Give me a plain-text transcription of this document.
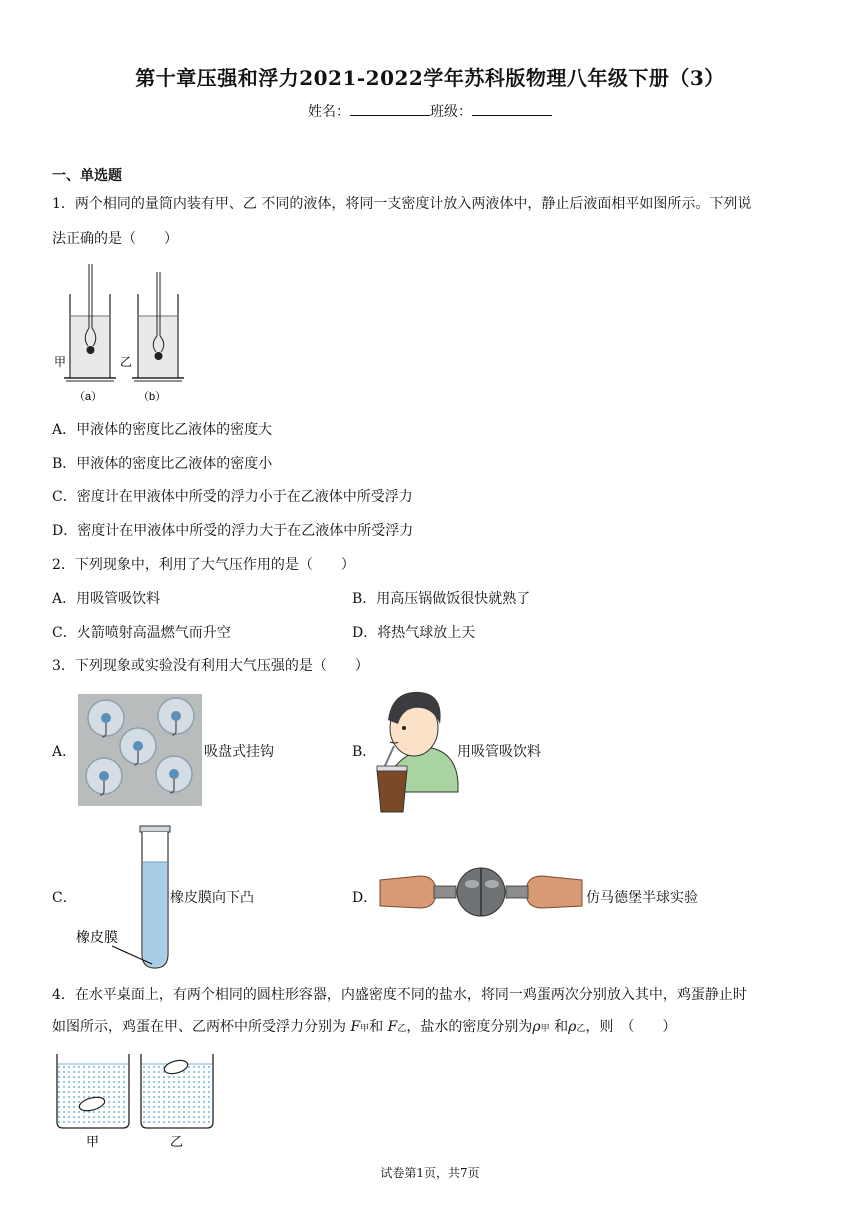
第十章压强和浮力2021-2022学年苏科版物理八年级下册（3）
姓名：	班级：
一、单选题
1．两个相同的量筒内装有甲、乙 不同的液体，将同一支密度计放入两液体中，静止后液面相平如图所示。下列说
法正确的是（　　）
甲	乙
（a）	（b）
A．甲液体的密度比乙液体的密度大
B．甲液体的密度比乙液体的密度小
C．密度计在甲液体中所受的浮力小于在乙液体中所受浮力
D．密度计在甲液体中所受的浮力大于在乙液体中所受浮力
2．下列现象中，利用了大气压作用的是（　　）
A．用吸管吸饮料	B．用高压锅做饭很快就熟了
C．火箭喷射高温燃气而升空	D．将热气球放上天
3．下列现象或实验没有利用大气压强的是（　　）
A．	吸盘式挂钩	B．	用吸管吸饮料
C．
橡皮膜
橡皮膜向下凸	D．	仿马德堡半球实验
4．在水平桌面上，有两个相同的圆柱形容器，内盛密度不同的盐水，将同一鸡蛋两次分别放入其中，鸡蛋静止时
如图所示，鸡蛋在甲、乙两杯中所受浮力分别为 F甲和 F乙，盐水的密度分别为ρ甲 和ρ乙，则　（　　）
甲	乙
试卷第1页，共7页
